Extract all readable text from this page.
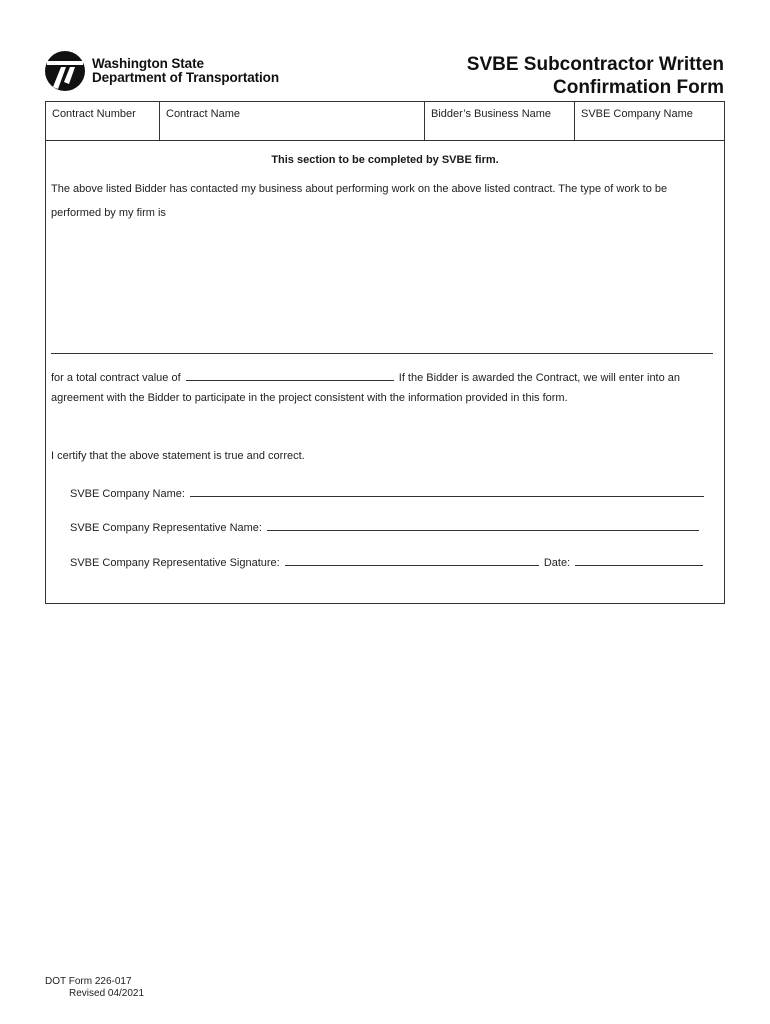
Washington State
Department of Transportation
SVBE Subcontractor Written
Confirmation Form
Contract Number	Contract Name	Bidder’s Business Name	SVBE Company Name
This section to be completed by SVBE firm.
The above listed Bidder has contacted my business about performing work on the above listed contract. The type of work to be
performed by my firm is
for a total contract value of	If the Bidder is awarded the Contract, we will enter into an
agreement with the Bidder to participate in the project consistent with the information provided in this form.
I certify that the above statement is true and correct.
SVBE Company Name:
SVBE Company Representative Name:
SVBE Company Representative Signature:	Date:
DOT Form 226-017
Revised 04/2021
